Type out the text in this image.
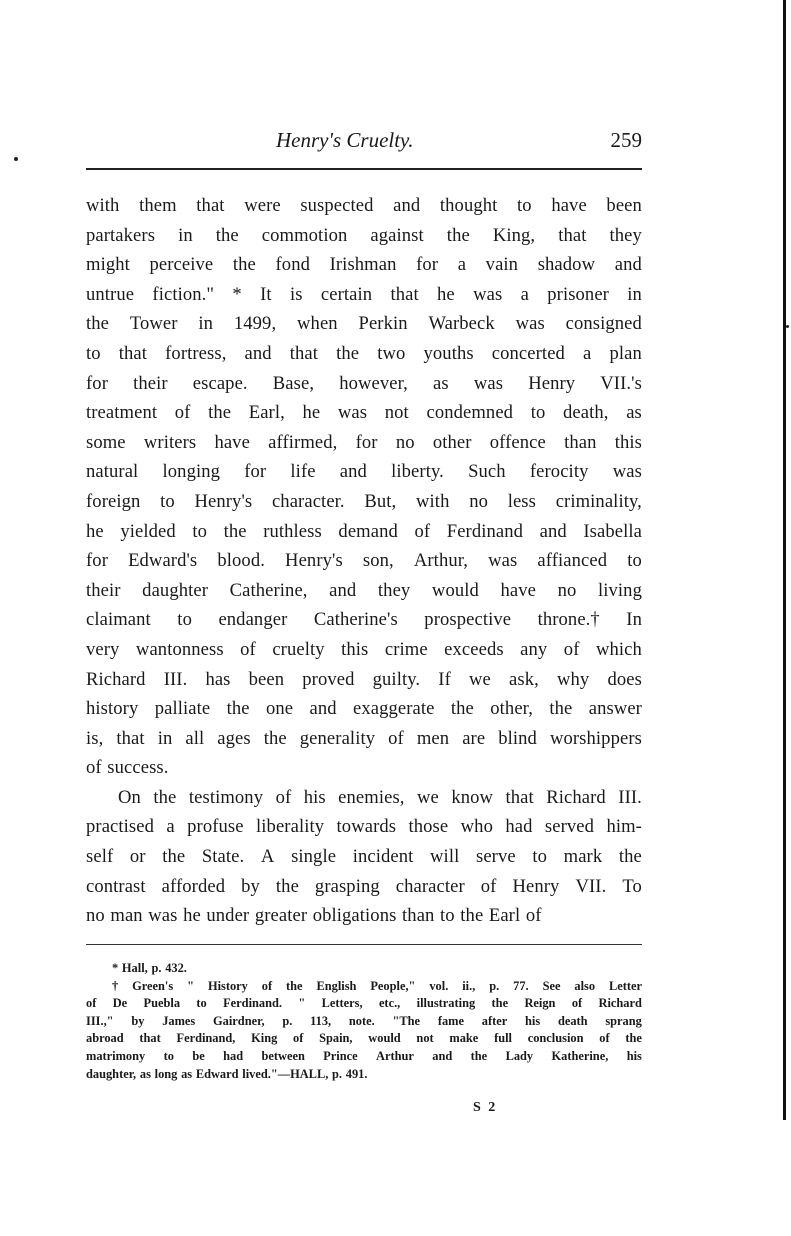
Henry's Cruelty.	259
with them that were suspected and thought to have been
partakers in the commotion against the King, that they
might perceive the fond Irishman for a vain shadow and
untrue fiction." * It is certain that he was a prisoner in
the Tower in 1499, when Perkin Warbeck was consigned
to that fortress, and that the two youths concerted a plan
for their escape. Base, however, as was Henry VII.'s
treatment of the Earl, he was not condemned to death, as
some writers have affirmed, for no other offence than this
natural longing for life and liberty. Such ferocity was
foreign to Henry's character. But, with no less criminality,
he yielded to the ruthless demand of Ferdinand and Isabella
for Edward's blood. Henry's son, Arthur, was affianced to
their daughter Catherine, and they would have no living
claimant to endanger Catherine's prospective throne.† In
very wantonness of cruelty this crime exceeds any of which
Richard III. has been proved guilty. If we ask, why does
history palliate the one and exaggerate the other, the answer
is, that in all ages the generality of men are blind worshippers
of success.
On the testimony of his enemies, we know that Richard III.
practised a profuse liberality towards those who had served him-
self or the State. A single incident will serve to mark the
contrast afforded by the grasping character of Henry VII. To
no man was he under greater obligations than to the Earl of
* Hall, p. 432.
† Green's " History of the English People," vol. ii., p. 77. See also Letter
of De Puebla to Ferdinand. " Letters, etc., illustrating the Reign of Richard
III.," by James Gairdner, p. 113, note. "The fame after his death sprang
abroad that Ferdinand, King of Spain, would not make full conclusion of the
matrimony to be had between Prince Arthur and the Lady Katherine, his
daughter, as long as Edward lived."—HALL, p. 491.
S 2
